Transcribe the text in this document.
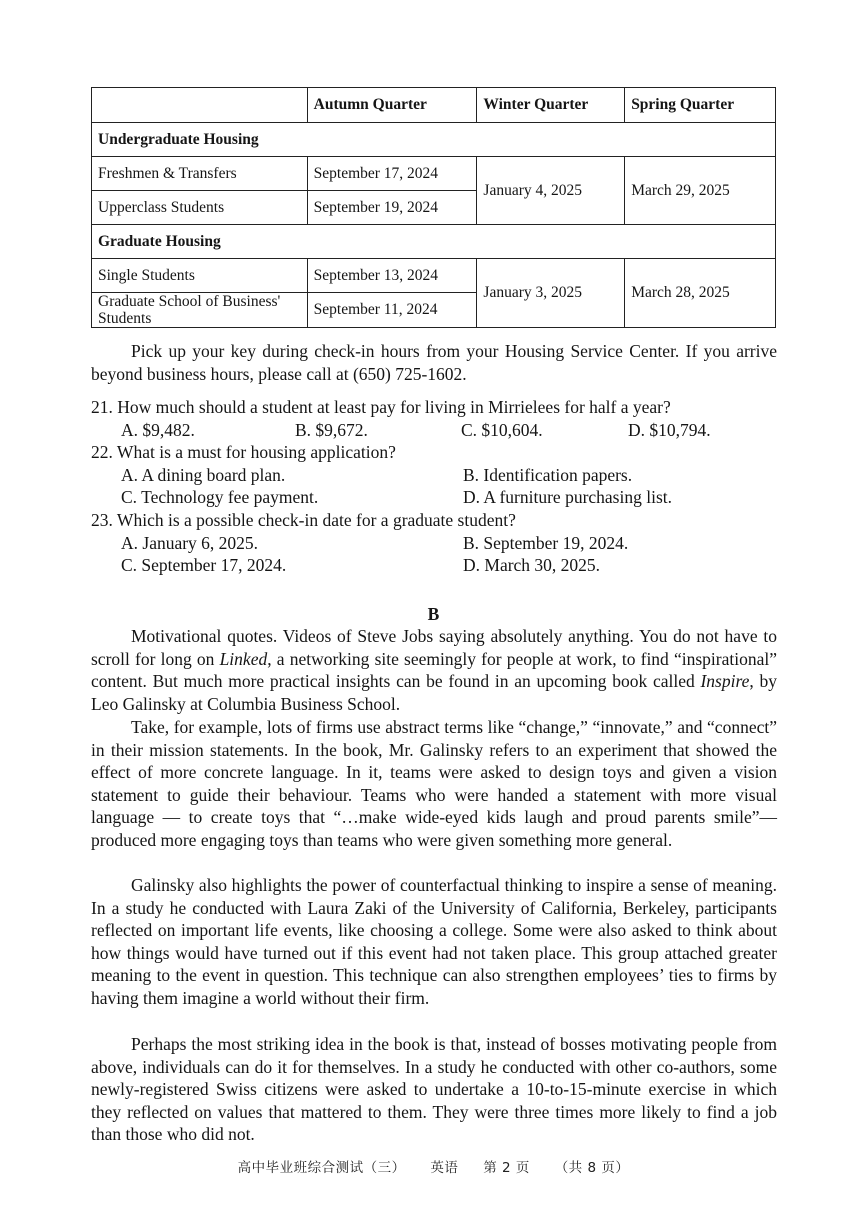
	Autumn Quarter	Winter Quarter	Spring Quarter
Undergraduate Housing			
Freshmen & Transfers	September 17, 2024	January 4, 2025	March 29, 2025
Upperclass Students	September 19, 2024		
Graduate Housing			
Single Students	September 13, 2024	January 3, 2025	March 28, 2025
Graduate School of Business' Students	September 11, 2024		
Pick up your key during check-in hours from your Housing Service Center. If you arrive beyond business hours, please call at (650) 725-1602.
21. How much should a student at least pay for living in Mirrielees for half a year?
A. $9,482.	B. $9,672.	C. $10,604.	D. $10,794.
22. What is a must for housing application?
A. A dining board plan.	B. Identification papers.
C. Technology fee payment.	D. A furniture purchasing list.
23. Which is a possible check-in date for a graduate student?
A. January 6, 2025.	B. September 19, 2024.
C. September 17, 2024.	D. March 30, 2025.
B
Motivational quotes. Videos of Steve Jobs saying absolutely anything. You do not have to scroll for long on Linked, a networking site seemingly for people at work, to find “inspirational” content. But much more practical insights can be found in an upcoming book called Inspire, by Leo Galinsky at Columbia Business School.
Take, for example, lots of firms use abstract terms like “change,” “innovate,” and “connect” in their mission statements. In the book, Mr. Galinsky refers to an experiment that showed the effect of more concrete language. In it, teams were asked to design toys and given a vision statement to guide their behaviour. Teams who were handed a statement with more visual language — to create toys that “…make wide-eyed kids laugh and proud parents smile”— produced more engaging toys than teams who were given something more general.
Galinsky also highlights the power of counterfactual thinking to inspire a sense of meaning. In a study he conducted with Laura Zaki of the University of California, Berkeley, participants reflected on important life events, like choosing a college. Some were also asked to think about how things would have turned out if this event had not taken place. This group attached greater meaning to the event in question. This technique can also strengthen employees’ ties to firms by having them imagine a world without their firm.
Perhaps the most striking idea in the book is that, instead of bosses motivating people from above, individuals can do it for themselves. In a study he conducted with other co-authors, some newly-registered Swiss citizens were asked to undertake a 10-to-15-minute exercise in which they reflected on values that mattered to them. They were three times more likely to find a job than those who did not.
高中毕业班综合测试（三） 英语 第 2 页 （共 8 页）
